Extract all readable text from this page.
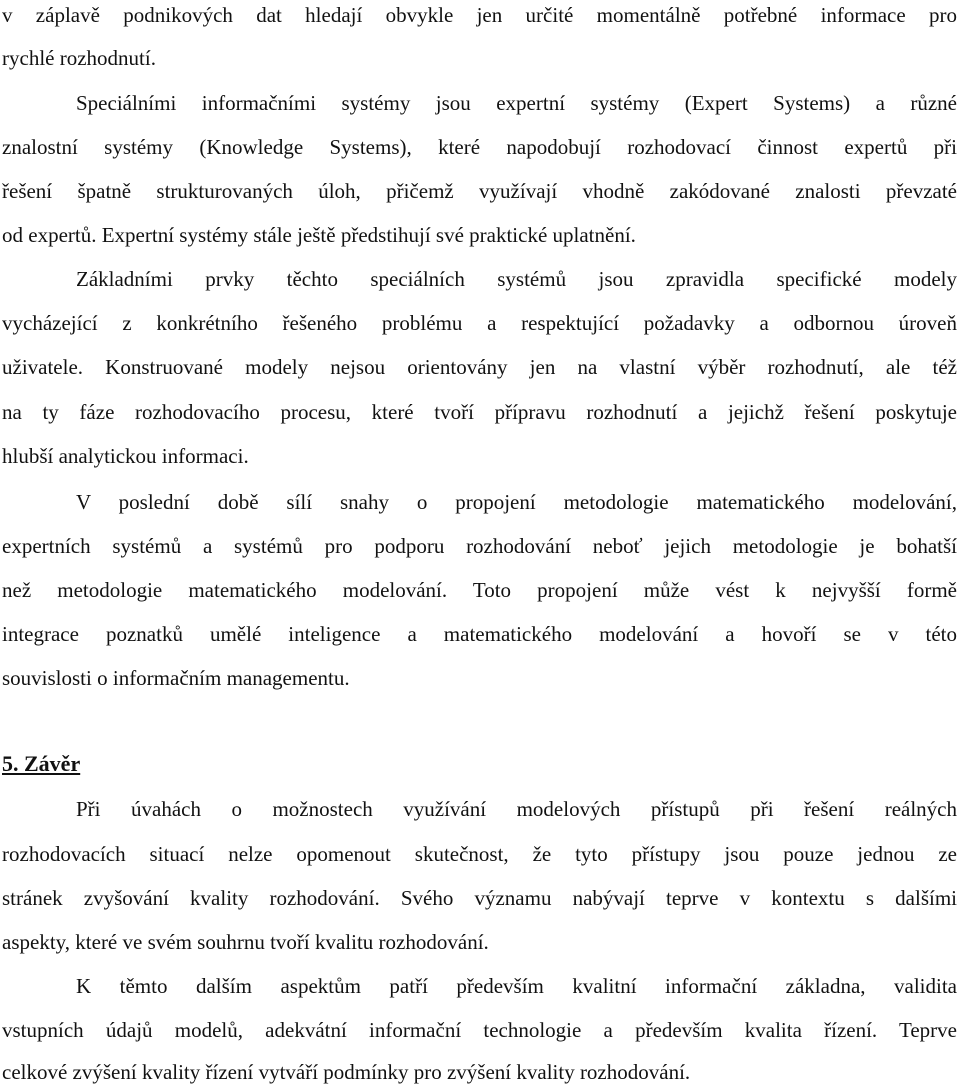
v záplavě podnikových dat hledají obvykle jen určité momentálně potřebné informace pro
rychlé rozhodnutí.
Speciálními informačními systémy jsou expertní systémy (Expert Systems) a různé
znalostní systémy (Knowledge Systems), které napodobují rozhodovací činnost expertů při
řešení špatně strukturovaných úloh, přičemž využívají vhodně zakódované znalosti převzaté
od expertů. Expertní systémy stále ještě předstihují své praktické uplatnění.
Základními prvky těchto speciálních systémů jsou zpravidla specifické modely
vycházející z konkrétního řešeného problému a respektující požadavky a odbornou úroveň
uživatele. Konstruované modely nejsou orientovány jen na vlastní výběr rozhodnutí, ale též
na ty fáze rozhodovacího procesu, které tvoří přípravu rozhodnutí a jejichž řešení poskytuje
hlubší analytickou informaci.
V poslední době sílí snahy o propojení metodologie matematického modelování,
expertních systémů a systémů pro podporu rozhodování neboť jejich metodologie je bohatší
než metodologie matematického modelování. Toto propojení může vést k nejvyšší formě
integrace poznatků umělé inteligence a matematického modelování a hovoří se v této
souvislosti o informačním managementu.
5. Závěr
Při úvahách o možnostech využívání modelových přístupů při řešení reálných
rozhodovacích situací nelze opomenout skutečnost, že tyto přístupy jsou pouze jednou ze
stránek zvyšování kvality rozhodování. Svého významu nabývají teprve v kontextu s dalšími
aspekty, které ve svém souhrnu tvoří kvalitu rozhodování.
K těmto dalším aspektům patří především kvalitní informační základna, validita
vstupních údajů modelů, adekvátní informační technologie a především kvalita řízení. Teprve
celkové zvýšení kvality řízení vytváří podmínky pro zvýšení kvality rozhodování.
